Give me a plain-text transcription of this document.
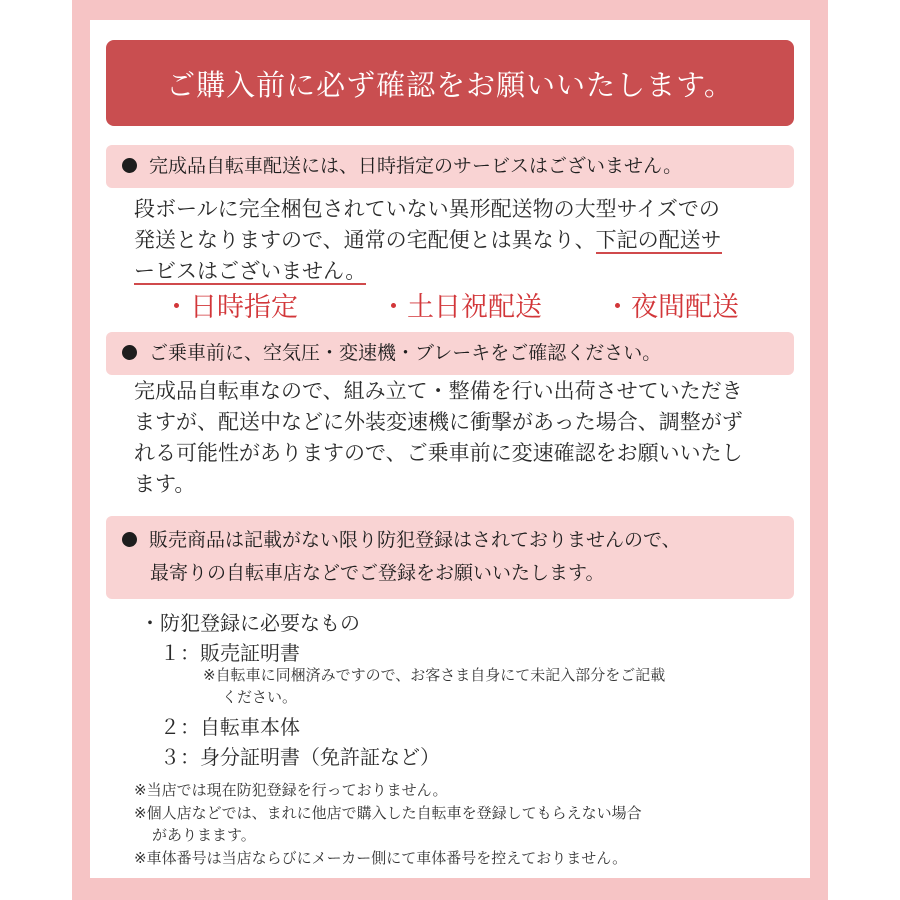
ご購入前に必ず確認をお願いいたします。
完成品自転車配送には、日時指定のサービスはございません。
段ボールに完全梱包されていない異形配送物の大型サイズでの
発送となりますので、通常の宅配便とは異なり、下記の配送サ
ービスはございません。
・日時指定	・土日祝配送 ・夜間配送
ご乗車前に、空気圧・変速機・ブレーキをご確認ください。
完成品自転車なので、組み立て・整備を行い出荷させていただき
ますが、配送中などに外装変速機に衝撃があった場合、調整がず
れる可能性がありますので、ご乗車前に変速確認をお願いいたし
ます。
販売商品は記載がない限り防犯登録はされておりませんので、
最寄りの自転車店などでご登録をお願いいたします。
・防犯登録に必要なもの
１：販売証明書
※自転車に同梱済みですので、お客さま自身にて未記入部分をご記載
ください。
２：自転車本体
３：身分証明書（免許証など）
※当店では現在防犯登録を行っておりません。
※個人店などでは、まれに他店で購入した自転車を登録してもらえない場合
がありまます。
※車体番号は当店ならびにメーカー側にて車体番号を控えておりません。
